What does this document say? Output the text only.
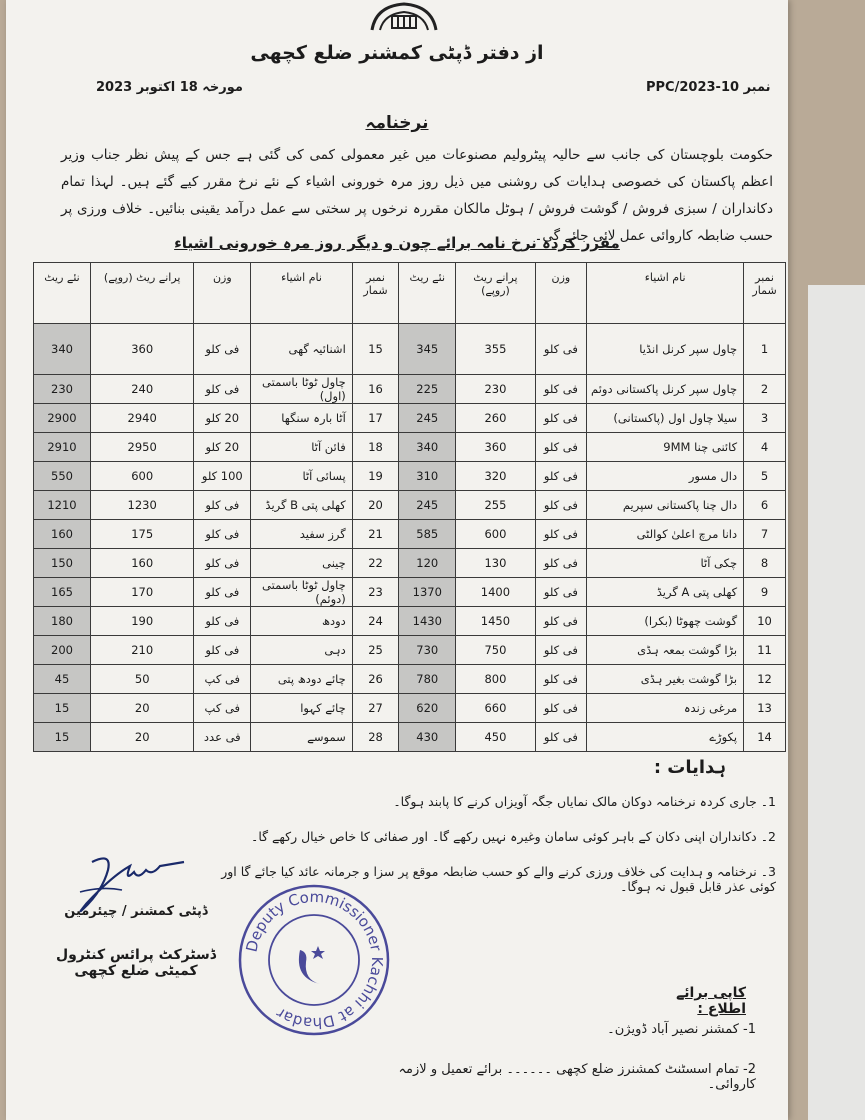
از دفتر ڈپٹی کمشنر ضلع کچھی
مورخہ 18 اکتوبر 2023	نمبر 10-2023/PPC
نرخنامہ
حکومت بلوچستان کی جانب سے حالیہ پیٹرولیم مصنوعات میں غیر معمولی کمی کی گئی ہے جس کے پیش نظر جناب وزیر اعظم پاکستان کی خصوصی ہدایات کی روشنی میں ذیل روز مرہ خورونی اشیاء کے نئے نرخ مقرر کیے گئے ہیں۔ لہذا تمام دکانداران / سبزی فروش / گوشت فروش / ہوٹل مالکان مقررہ نرخوں پر سختی سے عمل درآمد یقینی بنائیں۔ خلاف ورزی پر حسب ضابطہ کاروائی عمل لائی جائے گی۔
مقرر کردہ نرخ نامہ برائے چون و دیگر روز مرہ خورونی اشیاء
نمبر شمار	نام اشیاء	وزن	پرانے ریٹ (روپے)	نئے ریٹ	نمبر شمار	نام اشیاء	وزن	پرانے ریٹ (روپے)	نئے ریٹ
1	چاول سپر کرنل انڈیا	فی کلو	355	345	15	اشنائیہ گھی	فی کلو	360	340
2	چاول سپر کرنل پاکستانی دوئم	فی کلو	230	225	16	چاول ٹوٹا باسمتی (اول)	فی کلو	240	230
3	سیلا چاول اول (پاکستانی)	فی کلو	260	245	17	آٹا بارہ سنگھا	20 کلو	2940	2900
4	کائنی چنا 9MM	فی کلو	360	340	18	فائن آٹا	20 کلو	2950	2910
5	دال مسور	فی کلو	320	310	19	پسائی آٹا	100 کلو	600	550
6	دال چنا پاکستانی سپریم	فی کلو	255	245	20	کھلی پتی B گریڈ	فی کلو	1230	1210
7	دانا مرچ اعلیٰ کوالٹی	فی کلو	600	585	21	گرز سفید	فی کلو	175	160
8	چکی آٹا	فی کلو	130	120	22	چینی	فی کلو	160	150
9	کھلی پتی A گریڈ	فی کلو	1400	1370	23	چاول ٹوٹا باسمتی (دوئم)	فی کلو	170	165
10	گوشت چھوٹا (بکرا)	فی کلو	1450	1430	24	دودھ	فی کلو	190	180
11	بڑا گوشت بمعہ ہڈی	فی کلو	750	730	25	دہی	فی کلو	210	200
12	بڑا گوشت بغیر ہڈی	فی کلو	800	780	26	چائے دودھ پتی	فی کپ	50	45
13	مرغی زندہ	فی کلو	660	620	27	چائے کہوا	فی کپ	20	15
14	پکوڑے	فی کلو	450	430	28	سموسے	فی عدد	20	15
ہدایات :
1۔ جاری کردہ نرخنامہ دوکان مالک نمایاں جگہ آویزاں کرنے کا پابند ہوگا۔
2۔ دکانداران اپنی دکان کے باہر کوئی سامان وغیرہ نہیں رکھے گا۔ اور صفائی کا خاص خیال رکھے گا۔
3۔ نرخنامہ و ہدایت کی خلاف ورزی کرنے والے کو حسب ضابطہ موقع پر سزا و جرمانہ عائد کیا جائے گا اور کوئی عذر قابل قبول نہ ہوگا۔
ڈپٹی کمشنر / چیئرمین
ڈسٹرکٹ پرائس کنٹرول کمیٹی ضلع کچھی
Deputy Commissioner Kachhi at Dhadar
کاپی برائے اطلاع :
1- کمشنر نصیر آباد ڈویژن۔
2- تمام اسسٹنٹ کمشنرز ضلع کچھی ۔۔۔۔۔۔ برائے تعمیل و لازمہ کاروائی۔
